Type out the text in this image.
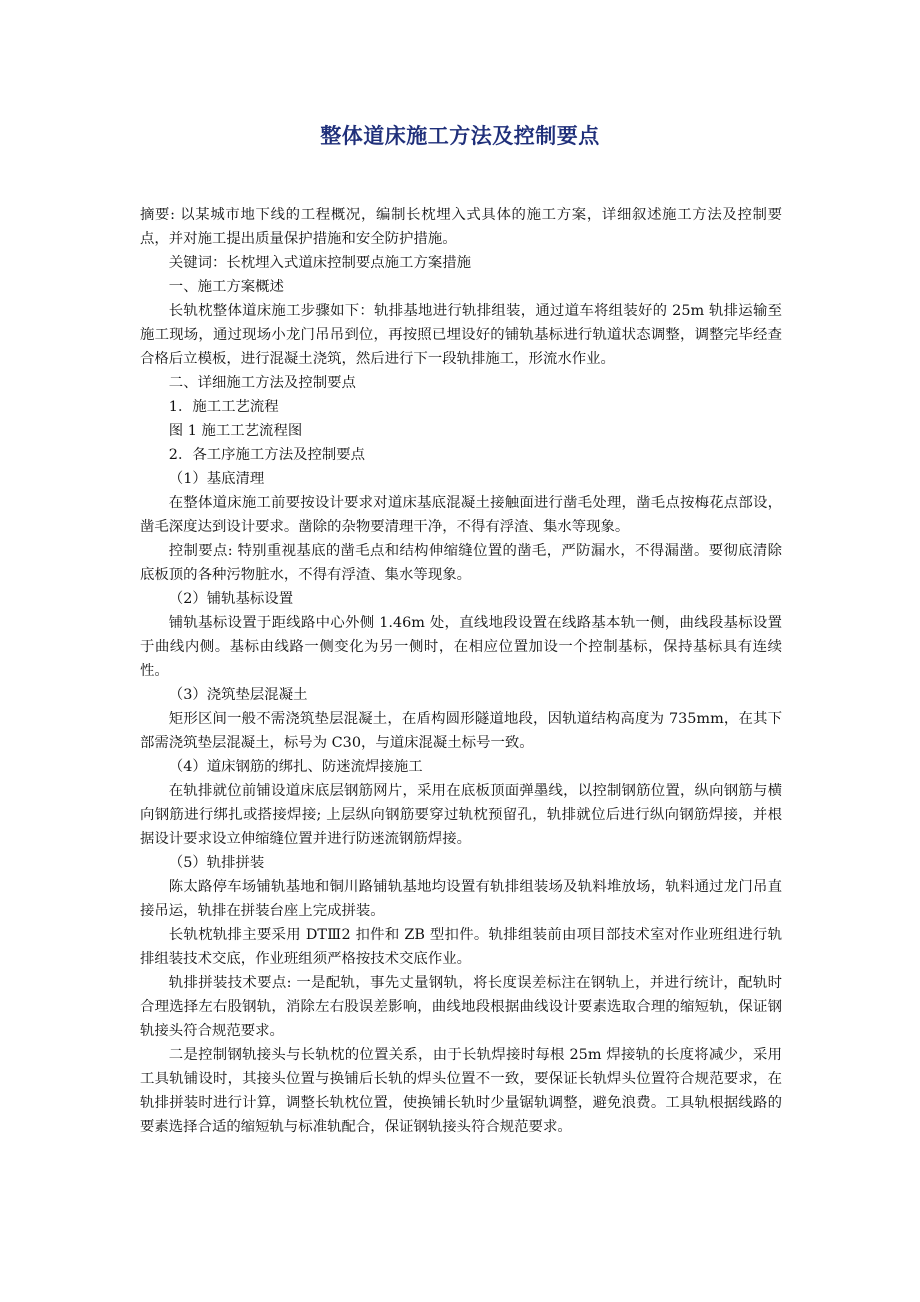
整体道床施工方法及控制要点

摘要: 以某城市地下线的工程概况，编制长枕埋入式具体的施工方案，详细叙述施工方法及控制要点，并对施工提出质量保护措施和安全防护措施。

关键词：长枕埋入式道床控制要点施工方案措施

一、施工方案概述

长轨枕整体道床施工步骤如下：轨排基地进行轨排组装，通过道车将组装好的 25m 轨排运输至施工现场，通过现场小龙门吊吊到位，再按照已埋设好的铺轨基标进行轨道状态调整，调整完毕经查合格后立模板，进行混凝土浇筑，然后进行下一段轨排施工，形流水作业。

二、详细施工方法及控制要点

1．施工工艺流程

图 1 施工工艺流程图

2．各工序施工方法及控制要点

（1）基底清理

在整体道床施工前要按设计要求对道床基底混凝土接触面进行凿毛处理，凿毛点按梅花点部设，凿毛深度达到设计要求。凿除的杂物要清理干净，不得有浮渣、集水等现象。

控制要点: 特别重视基底的凿毛点和结构伸缩缝位置的凿毛，严防漏水，不得漏凿。要彻底清除底板顶的各种污物脏水，不得有浮渣、集水等现象。

（2）铺轨基标设置

铺轨基标设置于距线路中心外侧 1.46m 处，直线地段设置在线路基本轨一侧，曲线段基标设置于曲线内侧。基标由线路一侧变化为另一侧时，在相应位置加设一个控制基标，保持基标具有连续性。

（3）浇筑垫层混凝土

矩形区间一般不需浇筑垫层混凝土，在盾构圆形隧道地段，因轨道结构高度为 735mm，在其下部需浇筑垫层混凝土，标号为 C30，与道床混凝土标号一致。

（4）道床钢筋的绑扎、防迷流焊接施工

在轨排就位前铺设道床底层钢筋网片，采用在底板顶面弹墨线，以控制钢筋位置，纵向钢筋与横向钢筋进行绑扎或搭接焊接; 上层纵向钢筋要穿过轨枕预留孔，轨排就位后进行纵向钢筋焊接，并根据设计要求设立伸缩缝位置并进行防迷流钢筋焊接。

（5）轨排拼装

陈太路停车场铺轨基地和铜川路铺轨基地均设置有轨排组装场及轨料堆放场，轨料通过龙门吊直接吊运，轨排在拼装台座上完成拼装。

长轨枕轨排主要采用 DTⅢ2 扣件和 ZB 型扣件。轨排组装前由项目部技术室对作业班组进行轨排组装技术交底，作业班组须严格按技术交底作业。

轨排拼装技术要点: 一是配轨，事先丈量钢轨，将长度误差标注在钢轨上，并进行统计，配轨时合理选择左右股钢轨，消除左右股误差影响，曲线地段根据曲线设计要素选取合理的缩短轨，保证钢轨接头符合规范要求。

二是控制钢轨接头与长轨枕的位置关系，由于长轨焊接时每根 25m 焊接轨的长度将减少，采用工具轨铺设时，其接头位置与换铺后长轨的焊头位置不一致，要保证长轨焊头位置符合规范要求，在轨排拼装时进行计算，调整长轨枕位置，使换铺长轨时少量锯轨调整，避免浪费。工具轨根据线路的要素选择合适的缩短轨与标准轨配合，保证钢轨接头符合规范要求。
